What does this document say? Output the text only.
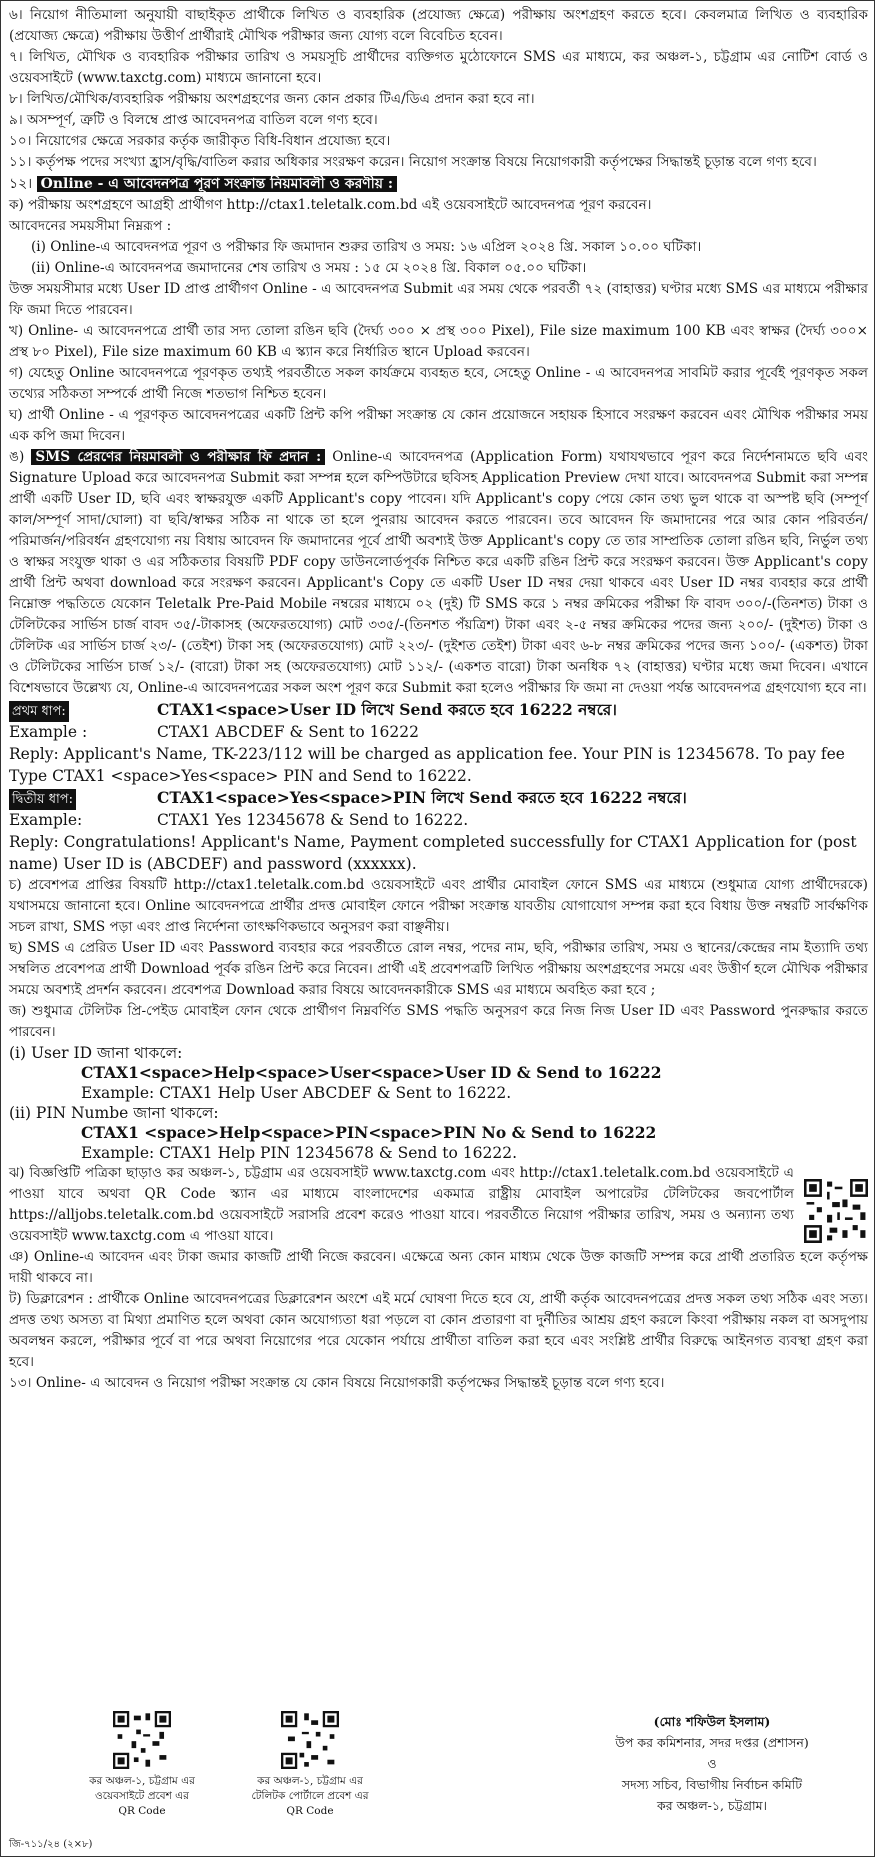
৬। নিয়োগ নীতিমালা অনুযায়ী বাছাইকৃত প্রার্থীকে লিখিত ও ব্যবহারিক (প্রযোজ্য ক্ষেত্রে) পরীক্ষায় অংশগ্রহণ করতে হবে। কেবলমাত্র লিখিত ও ব্যবহারিক (প্রযোজ্য ক্ষেত্রে) পরীক্ষায় উত্তীর্ণ প্রার্থীরাই মৌখিক পরীক্ষার জন্য যোগ্য বলে বিবেচিত হবেন।

৭। লিখিত, মৌখিক ও ব্যবহারিক পরীক্ষার তারিখ ও সময়সূচি প্রার্থীদের ব্যক্তিগত মুঠোফোনে SMS এর মাধ্যমে, কর অঞ্চল-১, চট্টগ্রাম এর নোটিশ বোর্ড ও ওয়েবসাইটে (www.taxctg.com) মাধ্যমে জানানো হবে।

৮। লিখিত/মৌখিক/ব্যবহারিক পরীক্ষায় অংশগ্রহণের জন্য কোন প্রকার টিএ/ডিএ প্রদান করা হবে না।

৯। অসম্পূর্ণ, ত্রুটি ও বিলম্বে প্রাপ্ত আবেদনপত্র বাতিল বলে গণ্য হবে।

১০। নিয়োগের ক্ষেত্রে সরকার কর্তৃক জারীকৃত বিধি-বিধান প্রযোজ্য হবে।

১১। কর্তৃপক্ষ পদের সংখ্যা হ্রাস/বৃদ্ধি/বাতিল করার অধিকার সংরক্ষণ করেন। নিয়োগ সংক্রান্ত বিষয়ে নিয়োগকারী কর্তৃপক্ষের সিদ্ধান্তই চূড়ান্ত বলে গণ্য হবে।

১২। Online - এ আবেদনপত্র পূরণ সংক্রান্ত নিয়মাবলী ও করণীয় :

ক) পরীক্ষায় অংশগ্রহণে আগ্রহী প্রার্থীগণ http://ctax1.teletalk.com.bd এই ওয়েবসাইটে আবেদনপত্র পূরণ করবেন।

আবেদনের সময়সীমা নিম্নরূপ :

(i) Online-এ আবেদনপত্র পূরণ ও পরীক্ষার ফি জমাদান শুরুর তারিখ ও সময়: ১৬ এপ্রিল ২০২৪ খ্রি. সকাল ১০.০০ ঘটিকা।

(ii) Online-এ আবেদনপত্র জমাদানের শেষ তারিখ ও সময় : ১৫ মে ২০২৪ খ্রি. বিকাল ০৫.০০ ঘটিকা।

উক্ত সময়সীমার মধ্যে User ID প্রাপ্ত প্রার্থীগণ Online - এ আবেদনপত্র Submit এর সময় থেকে পরবর্তী ৭২ (বাহাত্তর) ঘণ্টার মধ্যে SMS এর মাধ্যমে পরীক্ষার ফি জমা দিতে পারবেন।

খ) Online- এ আবেদনপত্রে প্রার্থী তার সদ্য তোলা রঙিন ছবি (দৈর্ঘ্য ৩০০ × প্রস্থ ৩০০ Pixel), File size maximum 100 KB এবং স্বাক্ষর (দৈর্ঘ্য ৩০০× প্রস্থ ৮০ Pixel), File size maximum 60 KB এ স্ক্যান করে নির্ধারিত স্থানে Upload করবেন।

গ) যেহেতু Online আবেদনপত্রে পূরণকৃত তথ্যই পরবর্তীতে সকল কার্যক্রমে ব্যবহৃত হবে, সেহেতু Online - এ আবেদনপত্র সাবমিট করার পূর্বেই পূরণকৃত সকল তথ্যের সঠিকতা সম্পর্কে প্রার্থী নিজে শতভাগ নিশ্চিত হবেন।

ঘ) প্রার্থী Online - এ পূরণকৃত আবেদনপত্রের একটি প্রিন্ট কপি পরীক্ষা সংক্রান্ত যে কোন প্রয়োজনে সহায়ক হিসাবে সংরক্ষণ করবেন এবং মৌখিক পরীক্ষার সময় এক কপি জমা দিবেন।

ঙ) SMS প্রেরণের নিয়মাবলী ও পরীক্ষার ফি প্রদান : Online-এ আবেদনপত্র (Application Form) যথাযথভাবে পূরণ করে নির্দেশনামতে ছবি এবং Signature Upload করে আবেদনপত্র Submit করা সম্পন্ন হলে কম্পিউটারে ছবিসহ Application Preview দেখা যাবে। আবেদনপত্র Submit করা সম্পন্ন প্রার্থী একটি User ID, ছবি এবং স্বাক্ষরযুক্ত একটি Applicant's copy পাবেন। যদি Applicant's copy পেয়ে কোন তথ্য ভুল থাকে বা অস্পষ্ট ছবি (সম্পূর্ণ কাল/সম্পূর্ণ সাদা/ঘোলা) বা ছবি/স্বাক্ষর সঠিক না থাকে তা হলে পুনরায় আবেদন করতে পারবেন। তবে আবেদন ফি জমাদানের পরে আর কোন পরিবর্তন/পরিমার্জন/পরিবর্ধন গ্রহণযোগ্য নয় বিধায় আবেদন ফি জমাদানের পূর্বে প্রার্থী অবশ্যই উক্ত Applicant's copy তে তার সাম্প্রতিক তোলা রঙিন ছবি, নির্ভুল তথ্য ও স্বাক্ষর সংযুক্ত থাকা ও এর সঠিকতার বিষয়টি PDF copy ডাউনলোর্ডপূর্বক নিশ্চিত করে একটি রঙিন প্রিন্ট করে সংরক্ষণ করবেন। উক্ত Applicant's copy প্রার্থী প্রিন্ট অথবা download করে সংরক্ষণ করবেন। Applicant's Copy তে একটি User ID নম্বর দেয়া থাকবে এবং User ID নম্বর ব্যবহার করে প্রার্থী নিম্নোক্ত পদ্ধতিতে যেকোন Teletalk Pre-Paid Mobile নম্বরের মাধ্যমে ০২ (দুই) টি SMS করে ১ নম্বর ক্রমিকের পরীক্ষা ফি বাবদ ৩০০/-(তিনশত) টাকা ও টেলিটকের সার্ভিস চার্জ বাবদ ৩৫/-টাকাসহ (অফেরতযোগ্য) মোট ৩৩৫/-(তিনশত পঁয়ত্রিশ) টাকা এবং ২-৫ নম্বর ক্রমিকের পদের জন্য ২০০/- (দুইশত) টাকা ও টেলিটক এর সার্ভিস চার্জ ২৩/- (তেইশ) টাকা সহ (অফেরতযোগ্য) মোট ২২৩/- (দুইশত তেইশ) টাকা এবং ৬-৮ নম্বর ক্রমিকের পদের জন্য ১০০/- (একশত) টাকা ও টেলিটকের সার্ভিস চার্জ ১২/- (বারো) টাকা সহ (অফেরতযোগ্য) মোট ১১২/- (একশত বারো) টাকা অনধিক ৭২ (বাহাত্তর) ঘণ্টার মধ্যে জমা দিবেন। এখানে বিশেষভাবে উল্লেখ্য যে, Online-এ আবেদনপত্রের সকল অংশ পূরণ করে Submit করা হলেও পরীক্ষার ফি জমা না দেওয়া পর্যন্ত আবেদনপত্র গ্রহণযোগ্য হবে না।

প্রথম ধাপ:	CTAX1<space>User ID লিখে Send করতে হবে 16222 নম্বরে।
Example :	CTAX1 ABCDEF & Sent to 16222

Reply: Applicant's Name, TK-223/112 will be charged as application fee. Your PIN is 12345678. To pay fee Type CTAX1 <space>Yes<space> PIN and Send to 16222.

দ্বিতীয় ধাপ:	CTAX1<space>Yes<space>PIN লিখে Send করতে হবে 16222 নম্বরে।
Example:	CTAX1 Yes 12345678 & Send to 16222.

Reply: Congratulations! Applicant's Name, Payment completed successfully for CTAX1 Application for (post name) User ID is (ABCDEF) and password (xxxxxx).

চ) প্রবেশপত্র প্রাপ্তির বিষয়টি http://ctax1.teletalk.com.bd ওয়েবসাইটে এবং প্রার্থীর মোবাইল ফোনে SMS এর মাধ্যমে (শুধুমাত্র যোগ্য প্রার্থীদেরকে) যথাসময়ে জানানো হবে। Online আবেদনপত্রে প্রার্থীর প্রদত্ত মোবাইল ফোনে পরীক্ষা সংক্রান্ত যাবতীয় যোগাযোগ সম্পন্ন করা হবে বিধায় উক্ত নম্বরটি সার্বক্ষণিক সচল রাখা, SMS পড়া এবং প্রাপ্ত নির্দেশনা তাৎক্ষণিকভাবে অনুসরণ করা বাঞ্ছনীয়।

ছ) SMS এ প্রেরিত User ID এবং Password ব্যবহার করে পরবর্তীতে রোল নম্বর, পদের নাম, ছবি, পরীক্ষার তারিখ, সময় ও স্থানের/কেন্দ্রের নাম ইত্যাদি তথ্য সম্বলিত প্রবেশপত্র প্রার্থী Download পূর্বক রঙিন প্রিন্ট করে নিবেন। প্রার্থী এই প্রবেশপত্রটি লিখিত পরীক্ষায় অংশগ্রহণের সময়ে এবং উত্তীর্ণ হলে মৌখিক পরীক্ষার সময়ে অবশ্যই প্রদর্শন করবেন। প্রবেশপত্র Download করার বিষয়ে আবেদনকারীকে SMS এর মাধ্যমে অবহিত করা হবে ;

জ) শুধুমাত্র টেলিটক প্রি-পেইড মোবাইল ফোন থেকে প্রার্থীগণ নিম্নবর্ণিত SMS পদ্ধতি অনুসরণ করে নিজ নিজ User ID এবং Password পুনরুদ্ধার করতে পারবেন।

(i) User ID জানা থাকলে:

CTAX1<space>Help<space>User<space>User ID & Send to 16222

Example: CTAX1 Help User ABCDEF & Sent to 16222.

(ii) PIN Numbe জানা থাকলে:

CTAX1 <space>Help<space>PIN<space>PIN No & Send to 16222

Example: CTAX1 Help PIN 12345678 & Send to 16222.

ঝ) বিজ্ঞপ্তিটি পত্রিকা ছাড়াও কর অঞ্চল-১, চট্টগ্রাম এর ওয়েবসাইট www.taxctg.com এবং http://ctax1.teletalk.com.bd ওয়েবসাইটে এ পাওয়া যাবে অথবা QR Code স্ক্যান এর মাধ্যমে বাংলাদেশের একমাত্র রাষ্ট্রীয় মোবাইল অপারেটর টেলিটকের জবপোর্টাল https://alljobs.teletalk.com.bd ওয়েবসাইটে সরাসরি প্রবেশ করেও পাওয়া যাবে। পরবর্তীতে নিয়োগ পরীক্ষার তারিখ, সময় ও অন্যান্য তথ্য ওয়েবসাইট www.taxctg.com এ পাওয়া যাবে।

ঞ) Online-এ আবেদন এবং টাকা জমার কাজটি প্রার্থী নিজে করবেন। এক্ষেত্রে অন্য কোন মাধ্যম থেকে উক্ত কাজটি সম্পন্ন করে প্রার্থী প্রতারিত হলে কর্তৃপক্ষ দায়ী থাকবে না।

ট) ডিক্লারেশন : প্রার্থীকে Online আবেদনপত্রের ডিক্লারেশন অংশে এই মর্মে ঘোষণা দিতে হবে যে, প্রার্থী কর্তৃক আবেদনপত্রের প্রদত্ত সকল তথ্য সঠিক এবং সত্য। প্রদত্ত তথ্য অসত্য বা মিথ্যা প্রমাণিত হলে অথবা কোন অযোগ্যতা ধরা পড়লে বা কোন প্রতারণা বা দুর্নীতির আশ্রয় গ্রহণ করলে কিংবা পরীক্ষায় নকল বা অসদুপায় অবলম্বন করলে, পরীক্ষার পূর্বে বা পরে অথবা নিয়োগের পরে যেকোন পর্যায়ে প্রার্থীতা বাতিল করা হবে এবং সংশ্লিষ্ট প্রার্থীর বিরুদ্ধে আইনগত ব্যবস্থা গ্রহণ করা হবে।

১৩। Online- এ আবেদন ও নিয়োগ পরীক্ষা সংক্রান্ত যে কোন বিষয়ে নিয়োগকারী কর্তৃপক্ষের সিদ্ধান্তই চূড়ান্ত বলে গণ্য হবে।

কর অঞ্চল-১, চট্টগ্রাম এর
ওয়েবসাইটে প্রবেশ এর
QR Code
কর অঞ্চল-১, চট্টগ্রাম এর
টেলিটক পোর্টালে প্রবেশ এর
QR Code
(মোঃ শফিউল ইসলাম)
উপ কর কমিশনার, সদর দপ্তর (প্রশাসন)
ও
সদস্য সচিব, বিভাগীয় নির্বাচন কমিটি
কর অঞ্চল-১, চট্টগ্রাম।
জি-৭১১/২৪ (২×৮)
